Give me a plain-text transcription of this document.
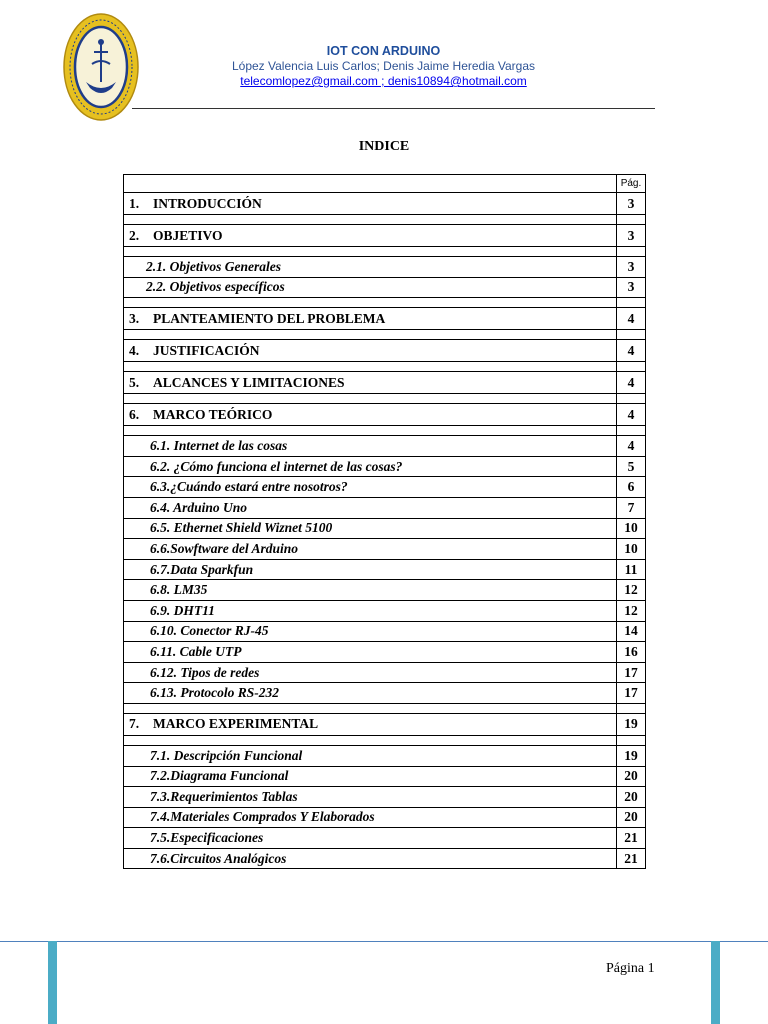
IOT CON ARDUINO
López Valencia Luis Carlos; Denis Jaime Heredia Vargas
telecomlopez@gmail.com ; denis10894@hotmail.com
INDICE
	Pág.
1. INTRODUCCIÓN	3

2. OBJETIVO	3

2.1. Objetivos Generales	3
2.2. Objetivos específicos	3

3. PLANTEAMIENTO DEL PROBLEMA	4

4. JUSTIFICACIÓN	4

5. ALCANCES Y LIMITACIONES	4

6. MARCO TEÓRICO	4

6.1. Internet de las cosas	4
6.2. ¿Cómo funciona el internet de las cosas?	5
6.3.¿Cuándo estará entre nosotros?	6
6.4. Arduino Uno	7
6.5. Ethernet Shield Wiznet 5100	10
6.6.Sowftware del Arduino	10
6.7.Data Sparkfun	11
6.8. LM35	12
6.9. DHT11	12
6.10. Conector RJ-45	14
6.11. Cable UTP	16
6.12. Tipos de redes	17
6.13. Protocolo RS-232	17

7. MARCO EXPERIMENTAL	19

7.1. Descripción Funcional	19
7.2.Diagrama Funcional	20
7.3.Requerimientos Tablas	20
7.4.Materiales Comprados Y Elaborados	20
7.5.Especificaciones	21
7.6.Circuitos Analógicos	21
Página 1
